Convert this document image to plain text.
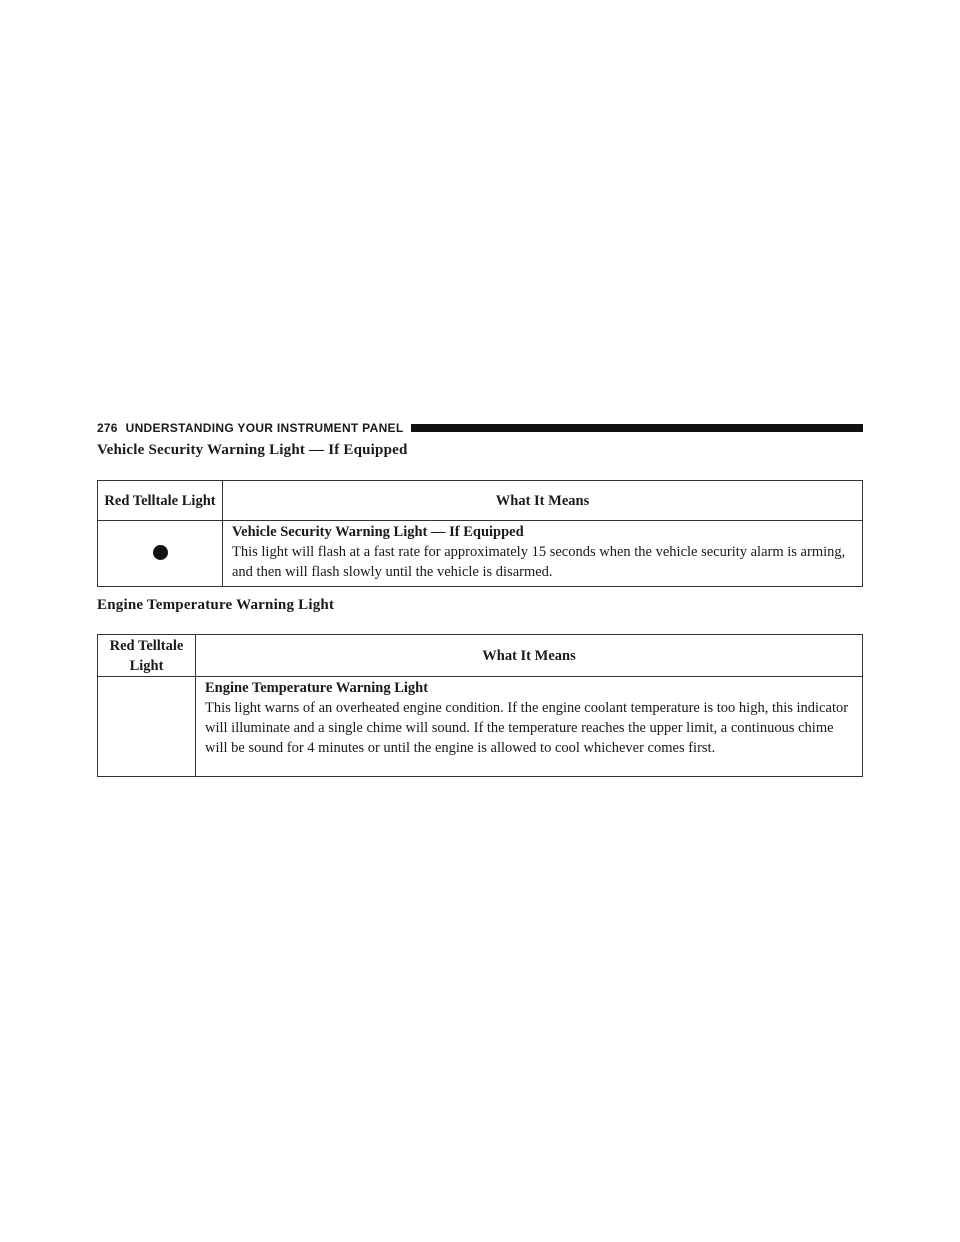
276 UNDERSTANDING YOUR INSTRUMENT PANEL
Vehicle Security Warning Light — If Equipped
Red Telltale Light	What It Means

	Vehicle Security Warning Light — If Equipped
This light will flash at a fast rate for approximately 15 seconds when the vehicle security alarm is arming, and then will flash slowly until the vehicle is disarmed.
Engine Temperature Warning Light
Red Telltale Light	What It Means

	Engine Temperature Warning Light
This light warns of an overheated engine condition. If the engine coolant temperature is too high, this indicator will illuminate and a single chime will sound. If the temperature reaches the upper limit, a continuous chime will be sound for 4 minutes or until the engine is allowed to cool whichever comes first.
